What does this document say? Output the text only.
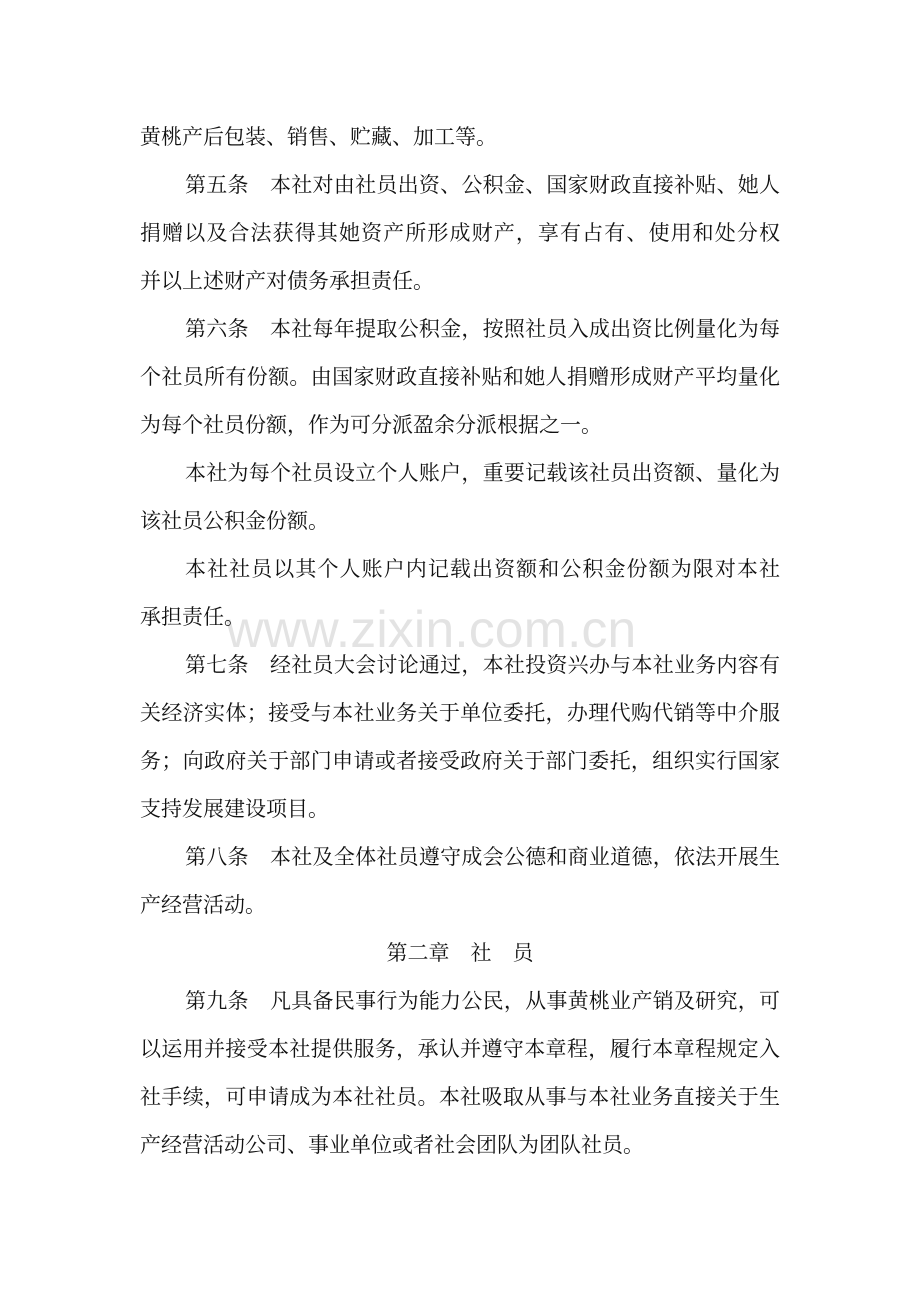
黄桃产后包装、销售、贮藏、加工等。
第五条　本社对由社员出资、公积金、国家财政直接补贴、她人
捐赠以及合法获得其她资产所形成财产，享有占有、使用和处分权
并以上述财产对债务承担责任。
第六条　本社每年提取公积金，按照社员入成出资比例量化为每
个社员所有份额。由国家财政直接补贴和她人捐赠形成财产平均量化
为每个社员份额，作为可分派盈余分派根据之一。
本社为每个社员设立个人账户，重要记载该社员出资额、量化为
该社员公积金份额。
本社社员以其个人账户内记载出资额和公积金份额为限对本社
承担责任。
第七条　经社员大会讨论通过，本社投资兴办与本社业务内容有
关经济实体；接受与本社业务关于单位委托，办理代购代销等中介服
务；向政府关于部门申请或者接受政府关于部门委托，组织实行国家
支持发展建设项目。
第八条　本社及全体社员遵守成会公德和商业道德，依法开展生
产经营活动。
第二章　社　员
第九条　凡具备民事行为能力公民，从事黄桃业产销及研究，可
以运用并接受本社提供服务，承认并遵守本章程，履行本章程规定入
社手续，可申请成为本社社员。本社吸取从事与本社业务直接关于生
产经营活动公司、事业单位或者社会团队为团队社员。
www.zixin.com.cn
